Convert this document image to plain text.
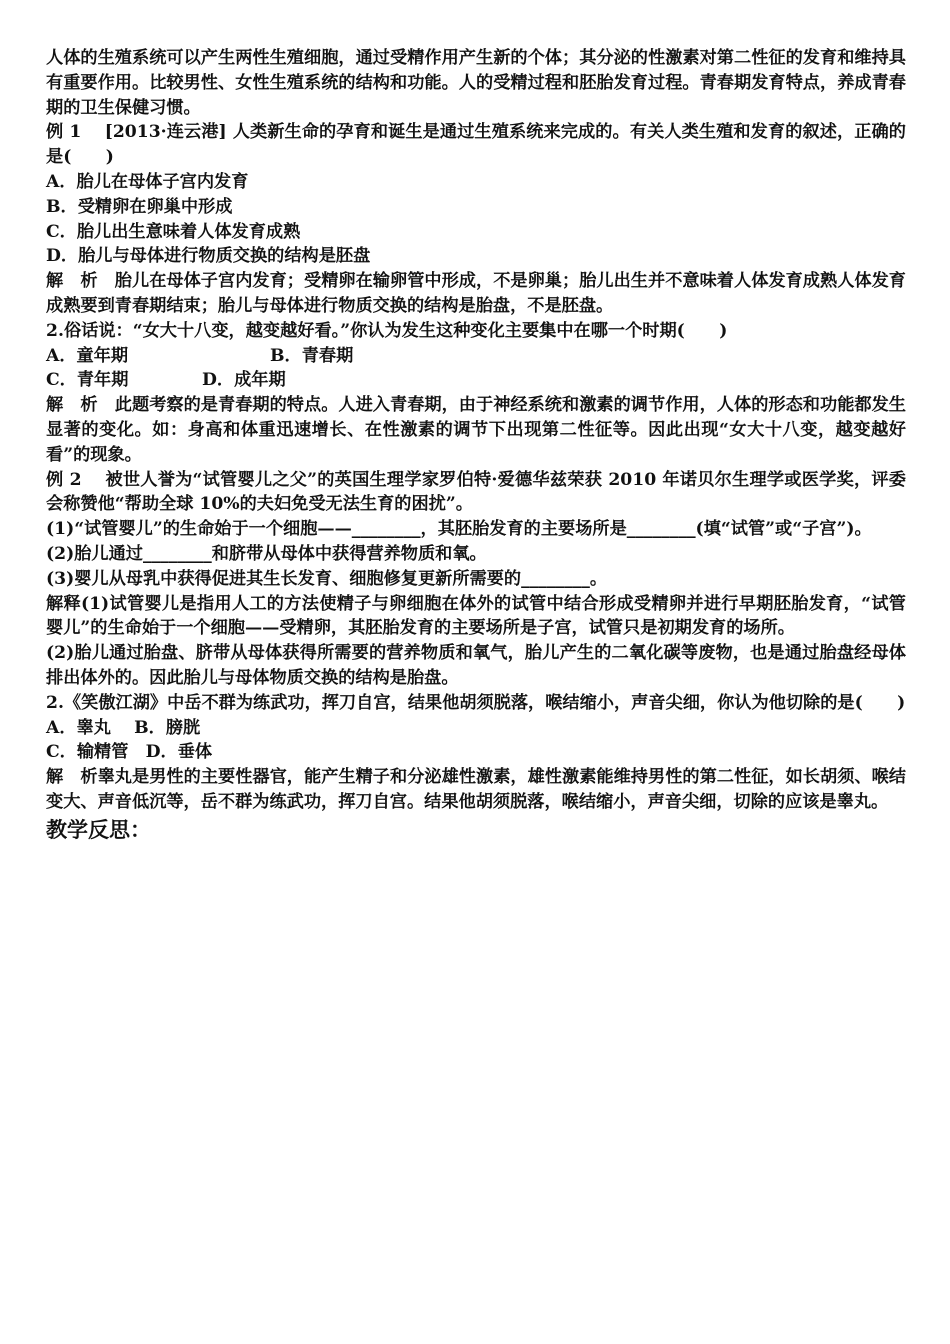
人体的生殖系统可以产生两性生殖细胞，通过受精作用产生新的个体；其分泌的性激素对第二性征的发育和维持具有重要作用。比较男性、女性生殖系统的结构和功能。人的受精过程和胚胎发育过程。青春期发育特点，养成青春期的卫生保健习惯。

例 1　 [2013·连云港] 人类新生命的孕育和诞生是通过生殖系统来完成的。有关人类生殖和发育的叙述，正确的是(　　)

A．胎儿在母体子宫内发育

B．受精卵在卵巢中形成

C．胎儿出生意味着人体发育成熟

D．胎儿与母体进行物质交换的结构是胚盘

解　析　胎儿在母体子宫内发育；受精卵在输卵管中形成，不是卵巢；胎儿出生并不意味着人体发育成熟人体发育成熟要到青春期结束；胎儿与母体进行物质交换的结构是胎盘，不是胚盘。

2.俗话说：“女大十八变，越变越好看。”你认为发生这种变化主要集中在哪一个时期(　　)

A．童年期	B．青春期

C．青年期	D．成年期

解　析　此题考察的是青春期的特点。人进入青春期，由于神经系统和激素的调节作用，人体的形态和功能都发生显著的变化。如：身高和体重迅速增长、在性激素的调节下出现第二性征等。因此出现“女大十八变，越变越好看”的现象。

例 2　 被世人誉为“试管婴儿之父”的英国生理学家罗伯特·爱德华兹荣获 2010 年诺贝尔生理学或医学奖，评委会称赞他“帮助全球 10%的夫妇免受无法生育的困扰”。

(1)“试管婴儿”的生命始于一个细胞——________，其胚胎发育的主要场所是________(填“试管”或“子宫”)。

(2)胎儿通过________和脐带从母体中获得营养物质和氧。

(3)婴儿从母乳中获得促进其生长发育、细胞修复更新所需要的________。

解释(1)试管婴儿是指用人工的方法使精子与卵细胞在体外的试管中结合形成受精卵并进行早期胚胎发育，“试管婴儿”的生命始于一个细胞——受精卵，其胚胎发育的主要场所是子宫，试管只是初期发育的场所。

(2)胎儿通过胎盘、脐带从母体获得所需要的营养物质和氧气，胎儿产生的二氧化碳等废物，也是通过胎盘经母体排出体外的。因此胎儿与母体物质交换的结构是胎盘。

2.《笑傲江湖》中岳不群为练武功，挥刀自宫，结果他胡须脱落，喉结缩小，声音尖细，你认为他切除的是(　　)

A．睾丸　 B．膀胱

C．输精管　D．垂体

解　析睾丸是男性的主要性器官，能产生精子和分泌雄性激素，雄性激素能维持男性的第二性征，如长胡须、喉结变大、声音低沉等，岳不群为练武功，挥刀自宫。结果他胡须脱落，喉结缩小，声音尖细，切除的应该是睾丸。

教学反思：
